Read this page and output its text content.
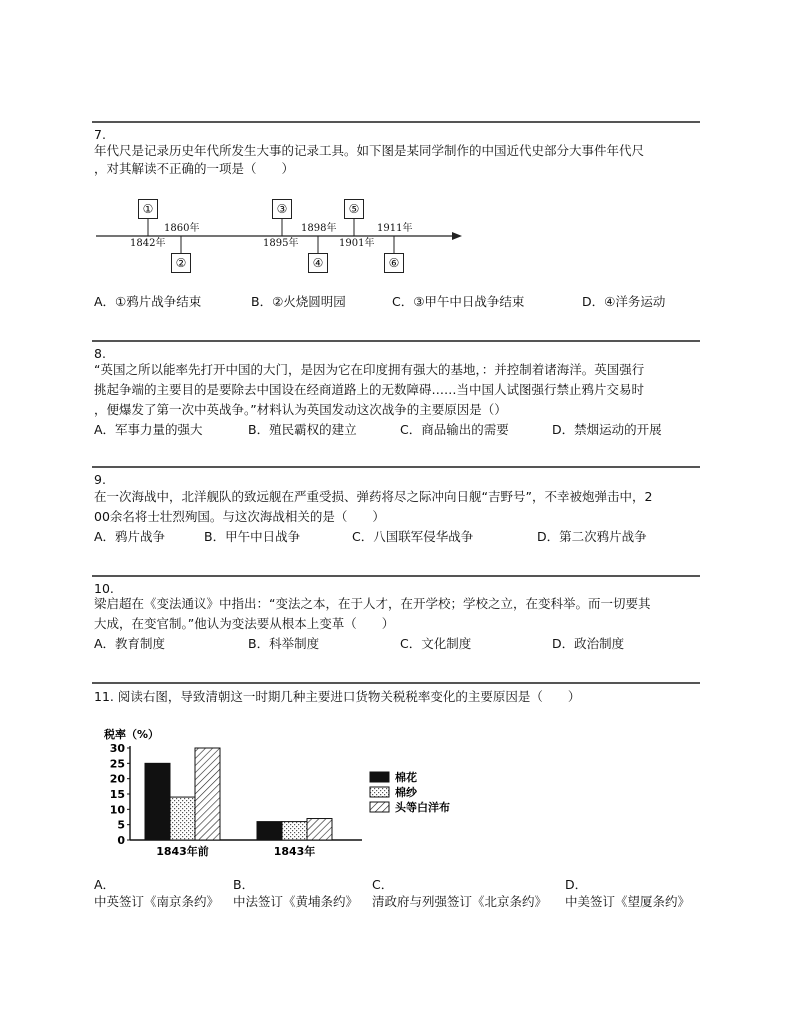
7.
年代尺是记录历史年代所发生大事的记录工具。如下图是某同学制作的中国近代史部分大事件年代尺
，对其解读不正确的一项是（　　）
①	③	⑤
②	④	⑥
1842年
1860年
1895年
1898年
1901年
1911年
A．①鸦片战争结束	B．②火烧圆明园	C．③甲午中日战争结束	D．④洋务运动
8.
“英国之所以能率先打开中国的大门，是因为它在印度拥有强大的基地，：并控制着诸海洋。英国强行
挑起争端的主要目的是要除去中国设在经商道路上的无数障碍……当中国人试图强行禁止鸦片交易时
，便爆发了第一次中英战争。”材料认为英国发动这次战争的主要原因是（）
A．军事力量的强大	B．殖民霸权的建立	C．商品输出的需要	D．禁烟运动的开展
9.
在一次海战中，北洋舰队的致远舰在严重受损、弹药将尽之际冲向日舰“吉野号”，不幸被炮弹击中，2
00余名将士壮烈殉国。与这次海战相关的是（　　）
A．鸦片战争	B．甲午中日战争	C．八国联军侵华战争	D．第二次鸦片战争
10.
梁启超在《变法通议》中指出：“变法之本，在于人才，在开学校；学校之立，在变科举。而一切要其
大成，在变官制。”他认为变法要从根本上变革（　　）
A．教育制度	B．科举制度	C．文化制度	D．政治制度
11. 阅读右图，导致清朝这一时期几种主要进口货物关税税率变化的主要原因是（　　）
税率（%）
0
5
10
15
20
25
30
1843年前	1843年
棉花
棉纱
头等白洋布
A．	B．	C．	D．
中英签订《南京条约》 中法签订《黄埔条约》 清政府与列强签订《北京条约》 中美签订《望厦条约》
